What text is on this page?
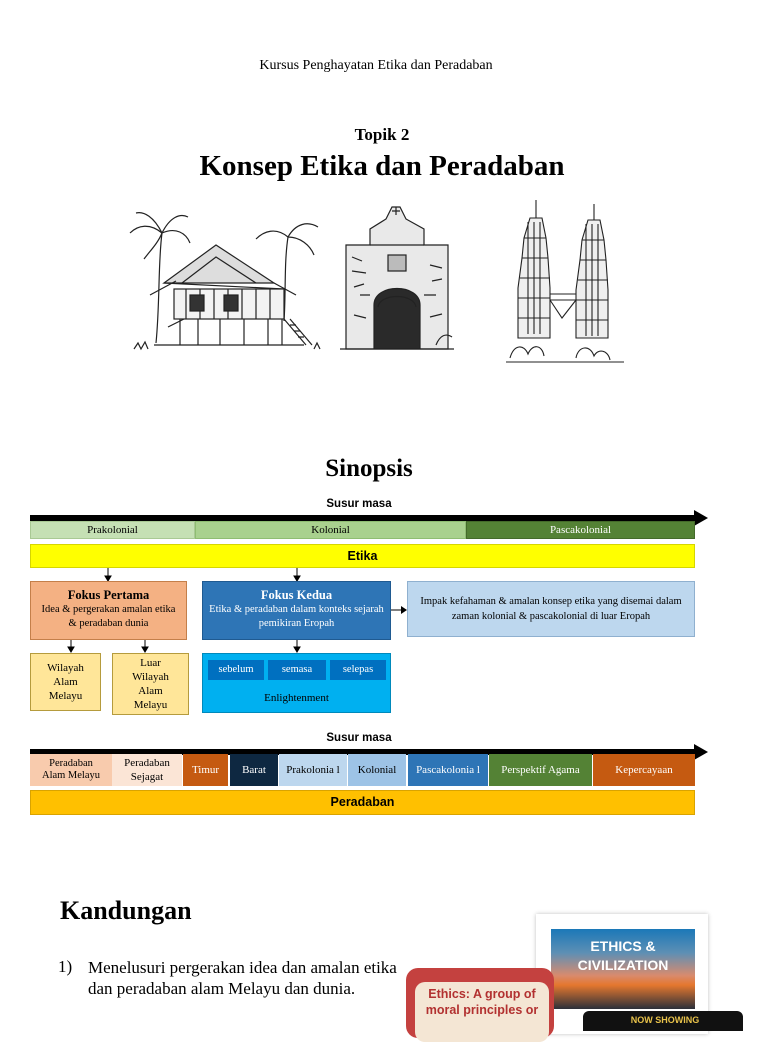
Kursus Penghayatan Etika dan Peradaban
Topik 2
Konsep Etika dan Peradaban
Sinopsis
Susur masa
Prakolonial	Kolonial	Pascakolonial
Etika
Fokus Pertama
Idea & pergerakan amalan etika & peradaban dunia
Fokus Kedua
Etika & peradaban dalam konteks sejarah pemikiran Eropah
Impak kefahaman & amalan konsep etika yang disemai dalam zaman kolonial & pascakolonial di luar Eropah
Wilayah Alam Melayu
Luar Wilayah Alam Melayu
sebelum	semasa	selepas
Enlightenment
Susur masa
Peradaban Alam Melayu
Peradaban Sejagat
Timur	Barat	Prakolonia l	Kolonial	Pascakolonia l	Perspektif Agama	Kepercayaan
Peradaban
Kandungan
1) Menelusuri pergerakan idea dan amalan etika dan peradaban alam Melayu dan dunia.
ETHICS & CIVILIZATION
Ethics: A group of moral principles or
NOW SHOWING
